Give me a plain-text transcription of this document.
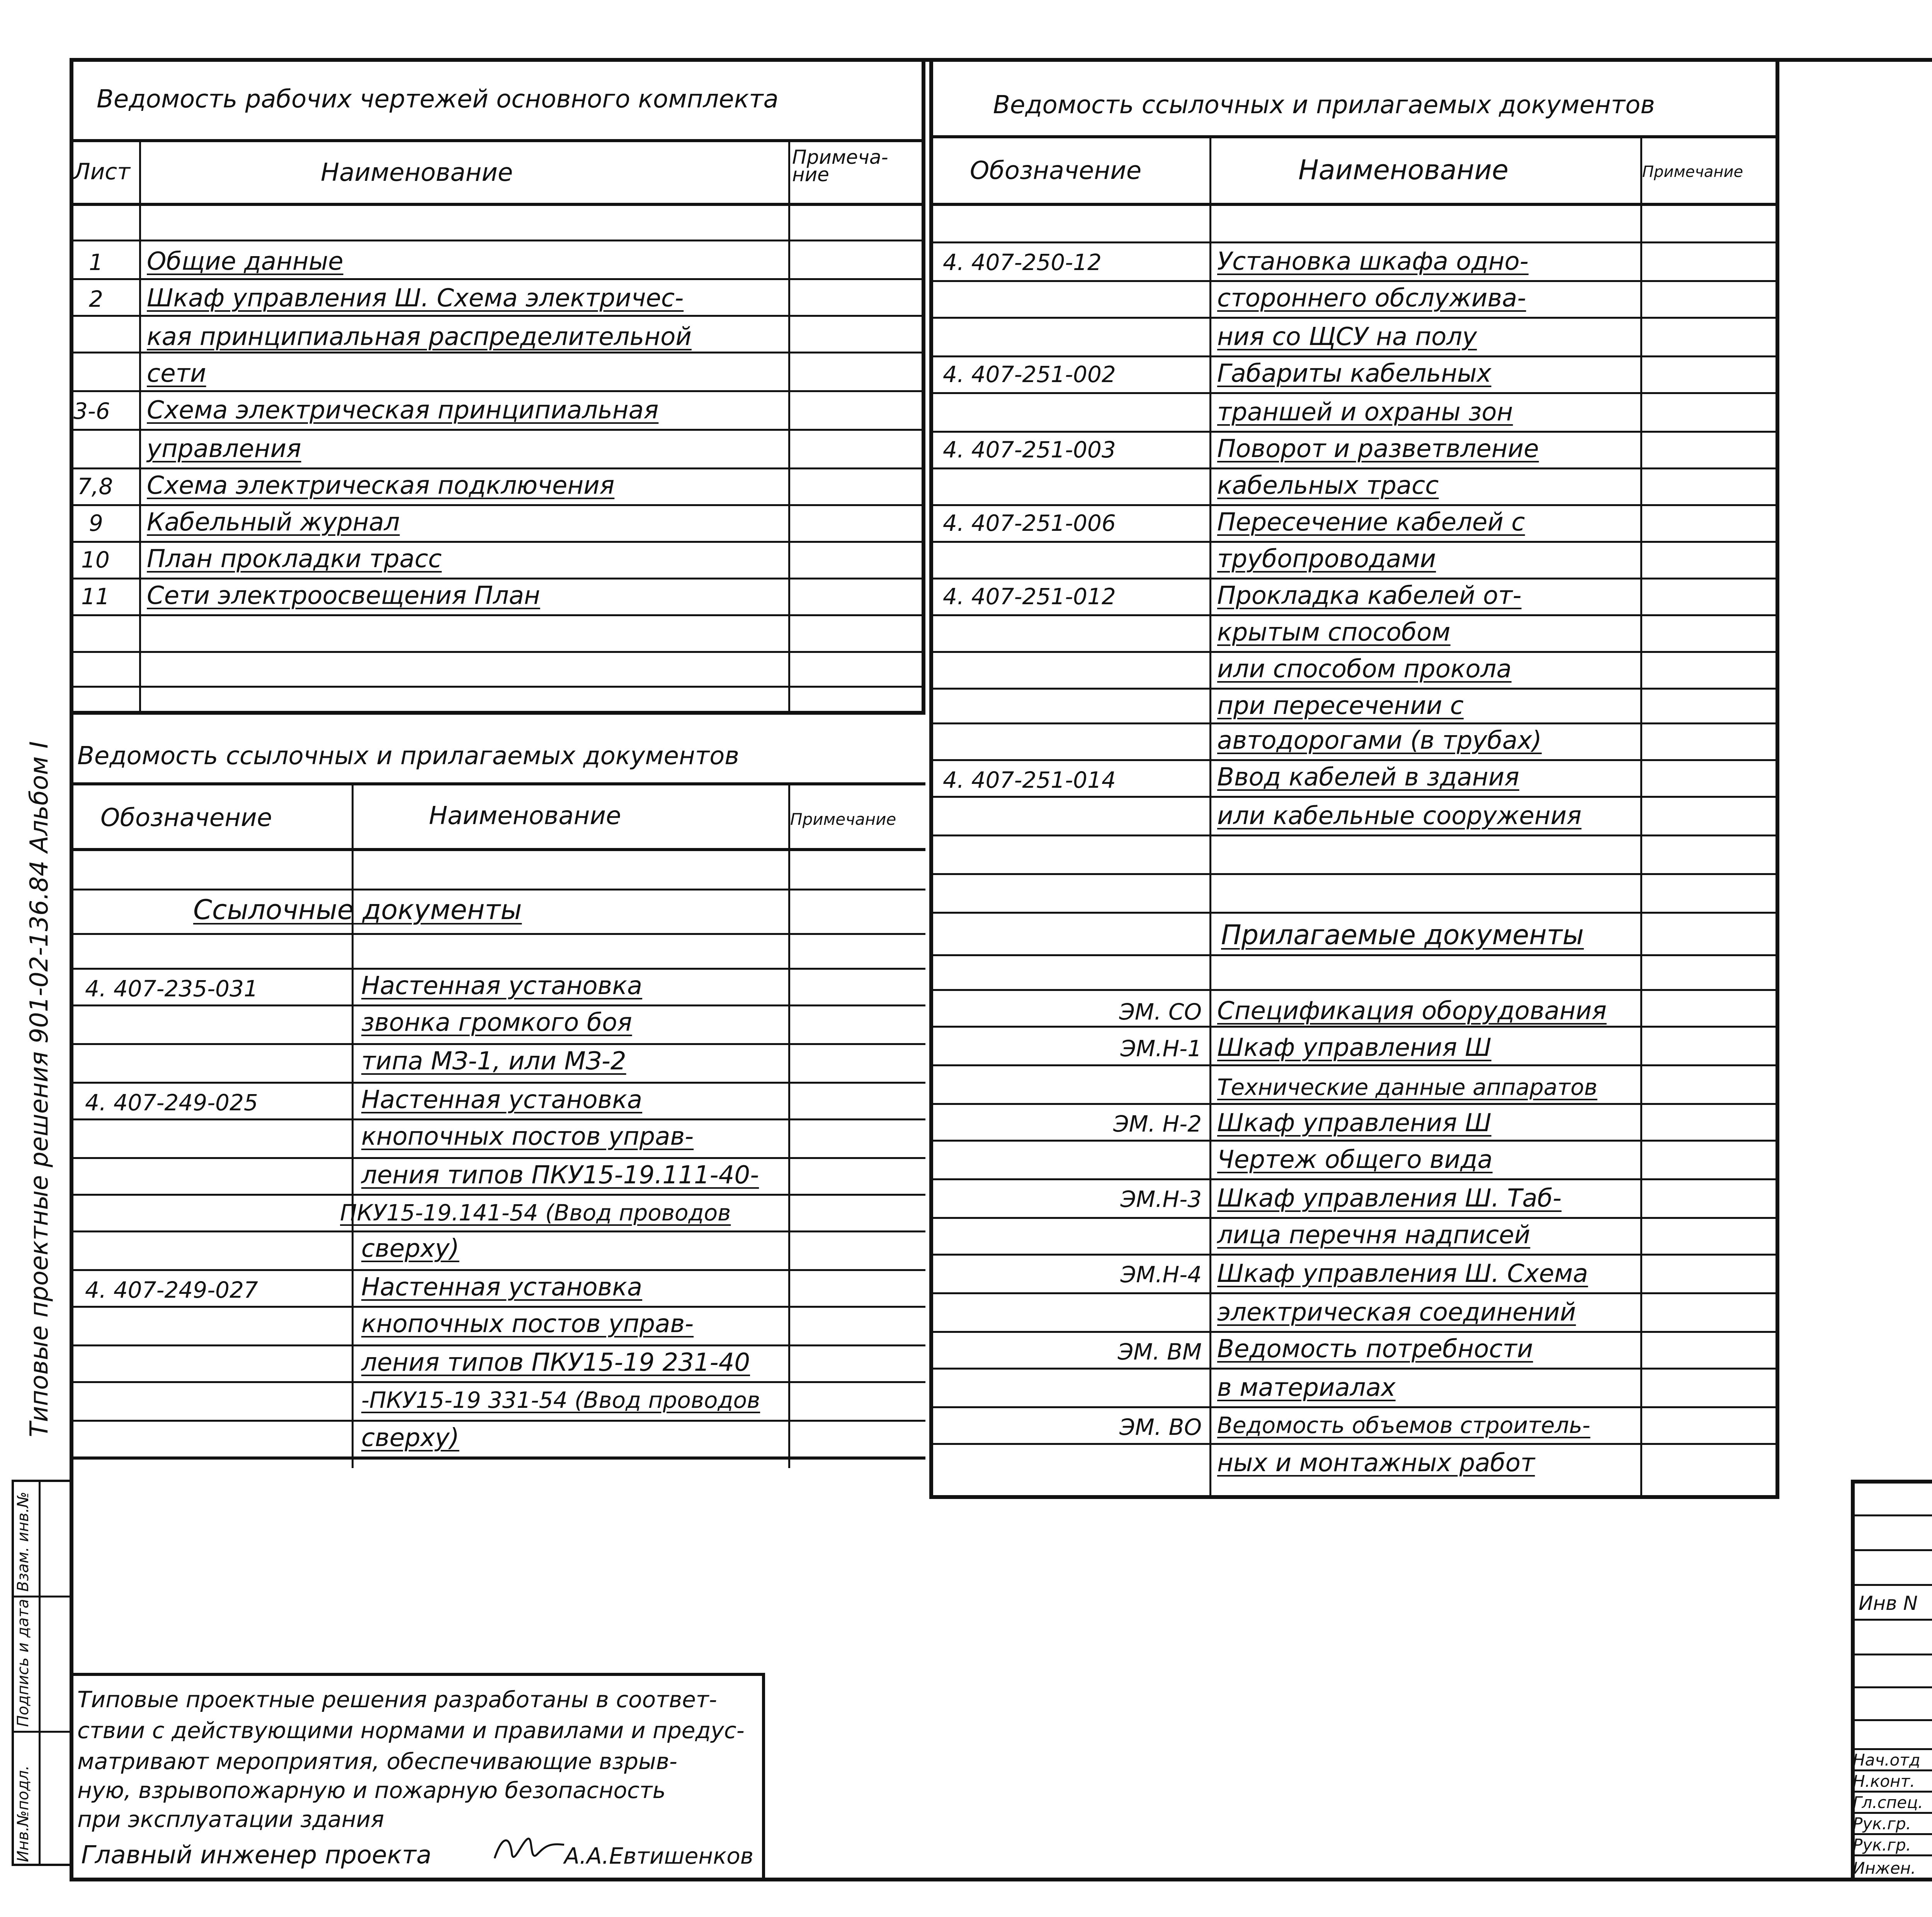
Типовые проектные решения 901-02-136.84 Альбом I
Инв.№подл.
Подпись и дата
Взам. инв.№
Ведомость рабочих чертежей основного комплекта
Лист	Наименование
Примеча-
ние
1 Общие данные
2 Шкаф управления Ш. Схема электричес-
кая принципиальная распределительной
сети
3-6 Схема электрическая принципиальная
управления
7,8 Схема электрическая подключения
9 Кабельный журнал
10 План прокладки трасс
11 Сети электроосвещения План
Ведомость ссылочных и прилагаемых документов
Обозначение	Наименование	Примечание
Ссылочные документы
4. 407-235-031	Настенная установка
звонка громкого боя
типа МЗ-1, или МЗ-2
4. 407-249-025	Настенная установка
кнопочных постов управ-
ления типов ПКУ15-19.111-40-
ПКУ15-19.141-54 (Ввод проводов
сверху)
4. 407-249-027	Настенная установка
кнопочных постов управ-
ления типов ПКУ15-19 231-40
-ПКУ15-19 331-54 (Ввод проводов
сверху)
Ведомость ссылочных и прилагаемых документов
Обозначение	Наименование	Примечание
4. 407-250-12	Установка шкафа одно-
стороннего обслужива-
ния со ЩСУ на полу
4. 407-251-002	Габариты кабельных
траншей и охраны зон
4. 407-251-003	Поворот и разветвление
кабельных трасс
4. 407-251-006	Пересечение кабелей с
трубопроводами
4. 407-251-012	Прокладка кабелей от-
крытым способом
или способом прокола
при пересечении с
автодорогами (в трубах)
4. 407-251-014	Ввод кабелей в здания
или кабельные сооружения
Прилагаемые документы
ЭМ. СО Спецификация оборудования
ЭМ.Н-1 Шкаф управления Ш
Технические данные аппаратов
ЭМ. Н-2 Шкаф управления Ш
Чертеж общего вида
ЭМ.Н-3 Шкаф управления Ш. Таб-
лица перечня надписей
ЭМ.Н-4 Шкаф управления Ш. Схема
электрическая соединений
ЭМ. ВМ Ведомость потребности
в материалах
ЭМ. ВО Ведомость объемов строитель-
ных и монтажных работ
Типовые проектные решения разработаны в соответ-
ствии с действующими нормами и правилами и предус-
матривают мероприятия, обеспечивающие взрыв-
ную, взрывопожарную и пожарную безопасность
при эксплуатации здания
Главный инженер проекта	А.А.Евтишенков
Инв N
Нач.отд
Н.конт.
Гл.спец.
Рук.гр.
Рук.гр.
Инжен.
